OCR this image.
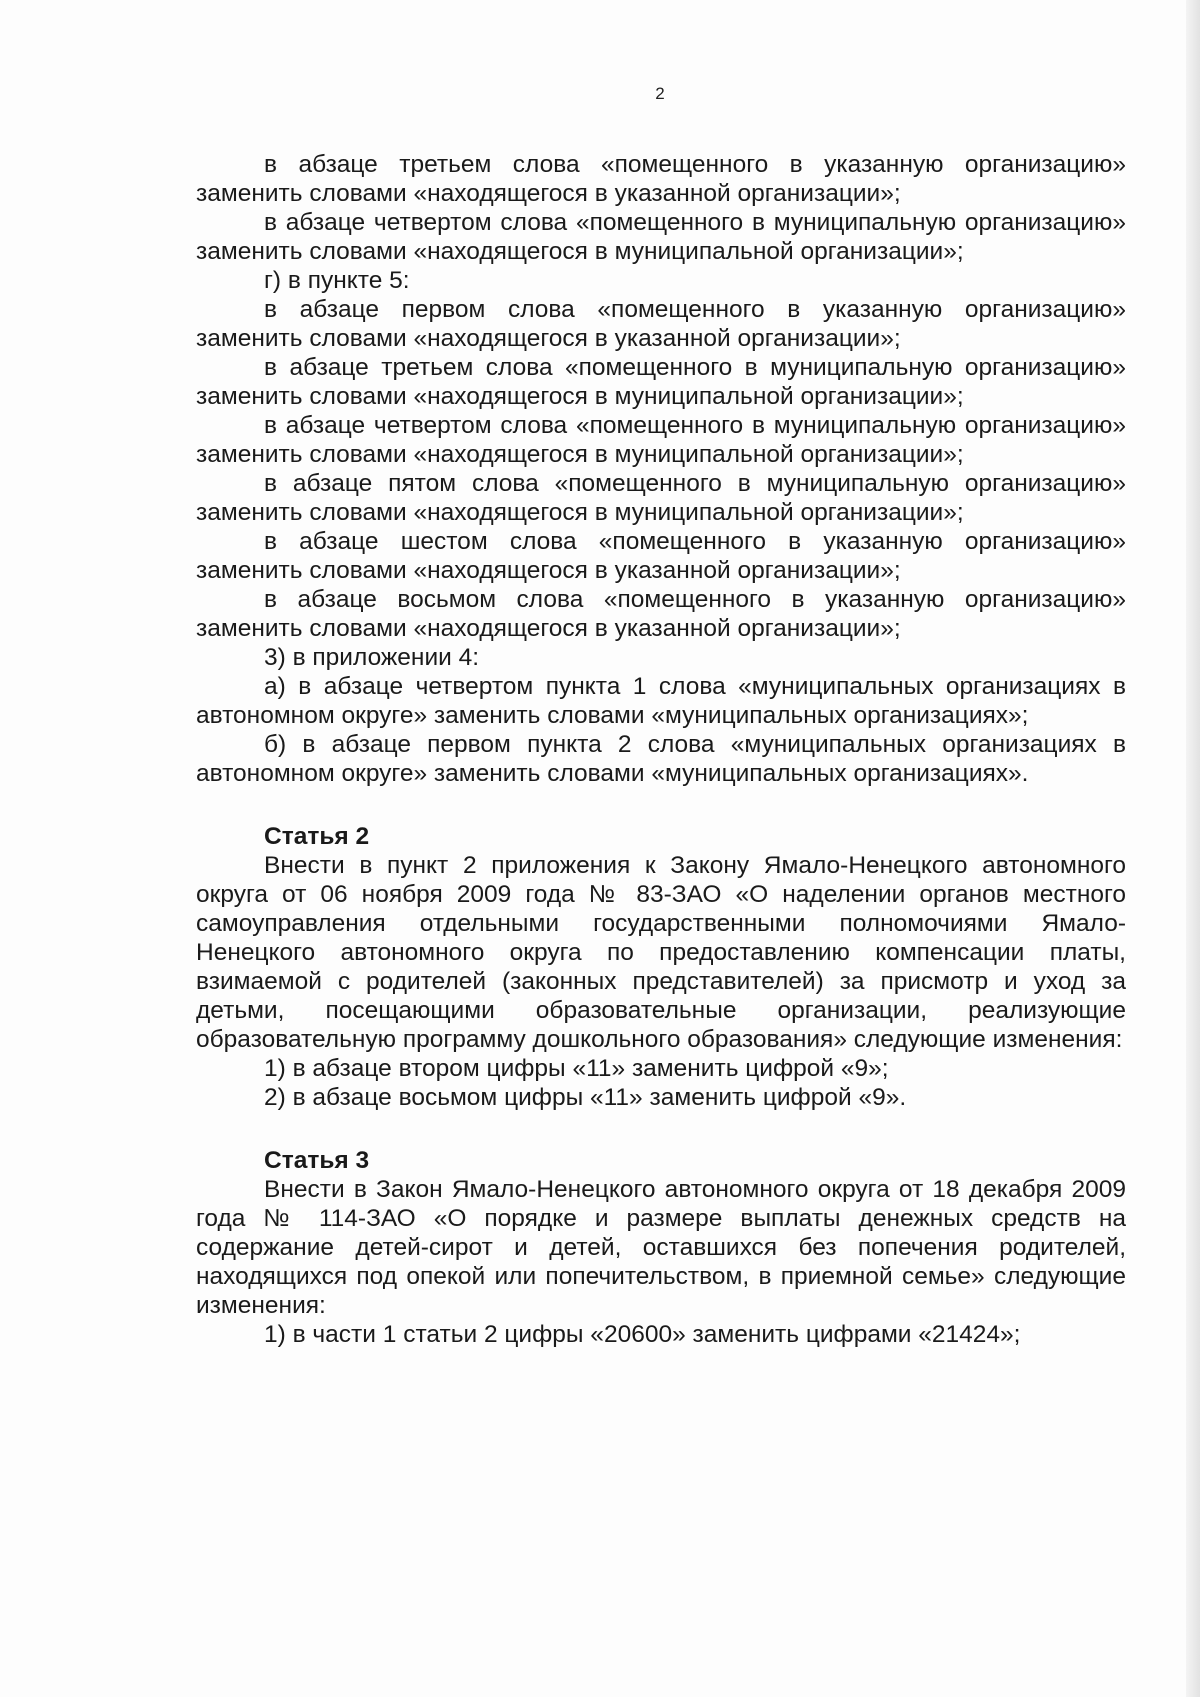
2

в абзаце третьем слова «помещенного в указанную организацию» заменить словами «находящегося в указанной организации»;

в абзаце четвертом слова «помещенного в муниципальную организацию» заменить словами «находящегося в муниципальной организации»;

г) в пункте 5:

в абзаце первом слова «помещенного в указанную организацию» заменить словами «находящегося в указанной организации»;

в абзаце третьем слова «помещенного в муниципальную организацию» заменить словами «находящегося в муниципальной организации»;

в абзаце четвертом слова «помещенного в муниципальную организацию» заменить словами «находящегося в муниципальной организации»;

в абзаце пятом слова «помещенного в муниципальную организацию» заменить словами «находящегося в муниципальной организации»;

в абзаце шестом слова «помещенного в указанную организацию» заменить словами «находящегося в указанной организации»;

в абзаце восьмом слова «помещенного в указанную организацию» заменить словами «находящегося в указанной организации»;

3) в приложении 4:

а) в абзаце четвертом пункта 1 слова «муниципальных организациях в автономном округе» заменить словами «муниципальных организациях»;

б) в абзаце первом пункта 2 слова «муниципальных организациях в автономном округе» заменить словами «муниципальных организациях».

Статья 2

Внести в пункт 2 приложения к Закону Ямало-Ненецкого автономного округа от 06 ноября 2009 года № 83-ЗАО «О наделении органов местного самоуправления отдельными государственными полномочиями Ямало-Ненецкого автономного округа по предоставлению компенсации платы, взимаемой с родителей (законных представителей) за присмотр и уход за детьми, посещающими образовательные организации, реализующие образовательную программу дошкольного образования» следующие изменения:

1) в абзаце втором цифры «11» заменить цифрой «9»;

2) в абзаце восьмом цифры «11» заменить цифрой «9».

Статья 3

Внести в Закон Ямало-Ненецкого автономного округа от 18 декабря 2009 года № 114-ЗАО «О порядке и размере выплаты денежных средств на содержание детей-сирот и детей, оставшихся без попечения родителей, находящихся под опекой или попечительством, в приемной семье» следующие изменения:

1) в части 1 статьи 2 цифры «20600» заменить цифрами «21424»;
